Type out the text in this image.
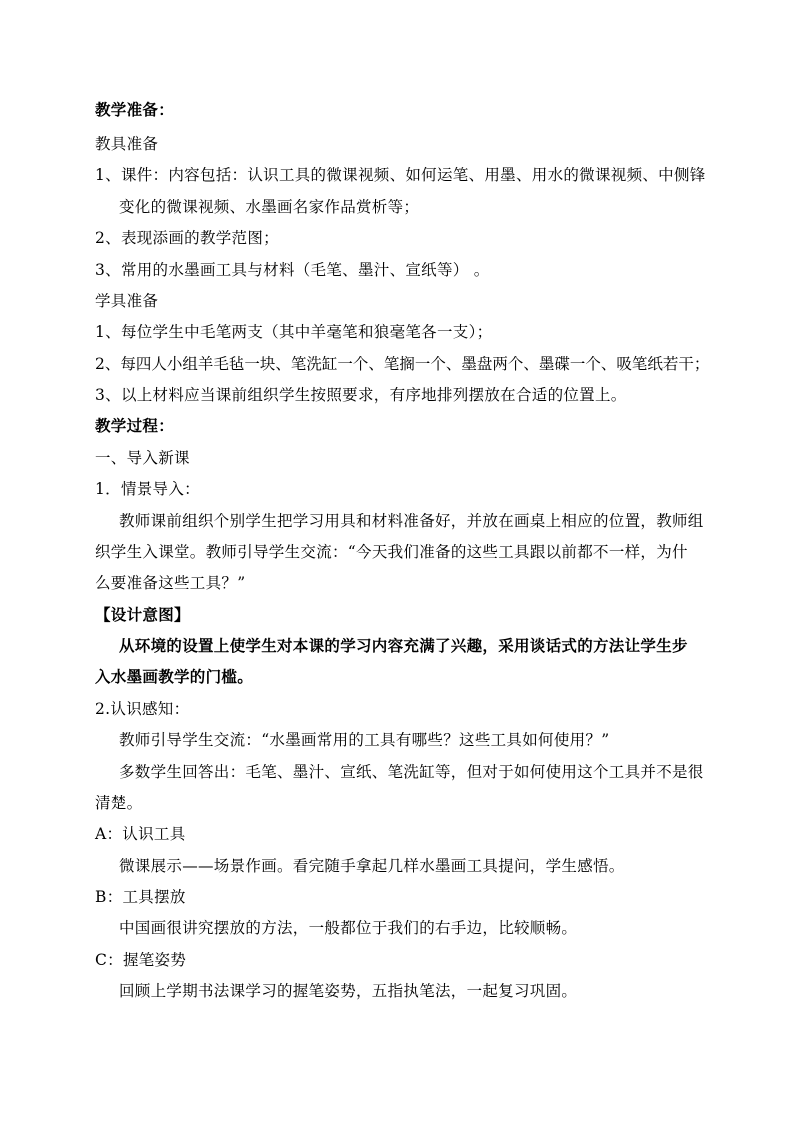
教学准备：
教具准备
1、课件：内容包括：认识工具的微课视频、如何运笔、用墨、用水的微课视频、中侧锋
变化的微课视频、水墨画名家作品赏析等；
2、表现添画的教学范图；
3、常用的水墨画工具与材料（毛笔、墨汁、宣纸等） 。
学具准备
1、每位学生中毛笔两支（其中羊毫笔和狼毫笔各一支）；
2、每四人小组羊毛毡一块、笔洗缸一个、笔搁一个、墨盘两个、墨碟一个、吸笔纸若干；
3、以上材料应当课前组织学生按照要求，有序地排列摆放在合适的位置上。
教学过程：
一、导入新课
1．情景导入：
教师课前组织个别学生把学习用具和材料准备好，并放在画桌上相应的位置，教师组
织学生入课堂。教师引导学生交流：“今天我们准备的这些工具跟以前都不一样，为什
么要准备这些工具？”
【设计意图】
从环境的设置上使学生对本课的学习内容充满了兴趣，采用谈话式的方法让学生步
入水墨画教学的门槛。
2.认识感知：
教师引导学生交流：“水墨画常用的工具有哪些？这些工具如何使用？”
多数学生回答出：毛笔、墨汁、宣纸、笔洗缸等，但对于如何使用这个工具并不是很
清楚。
A：认识工具
微课展示——场景作画。看完随手拿起几样水墨画工具提问，学生感悟。
B：工具摆放
中国画很讲究摆放的方法，一般都位于我们的右手边，比较顺畅。
C：握笔姿势
回顾上学期书法课学习的握笔姿势，五指执笔法，一起复习巩固。
